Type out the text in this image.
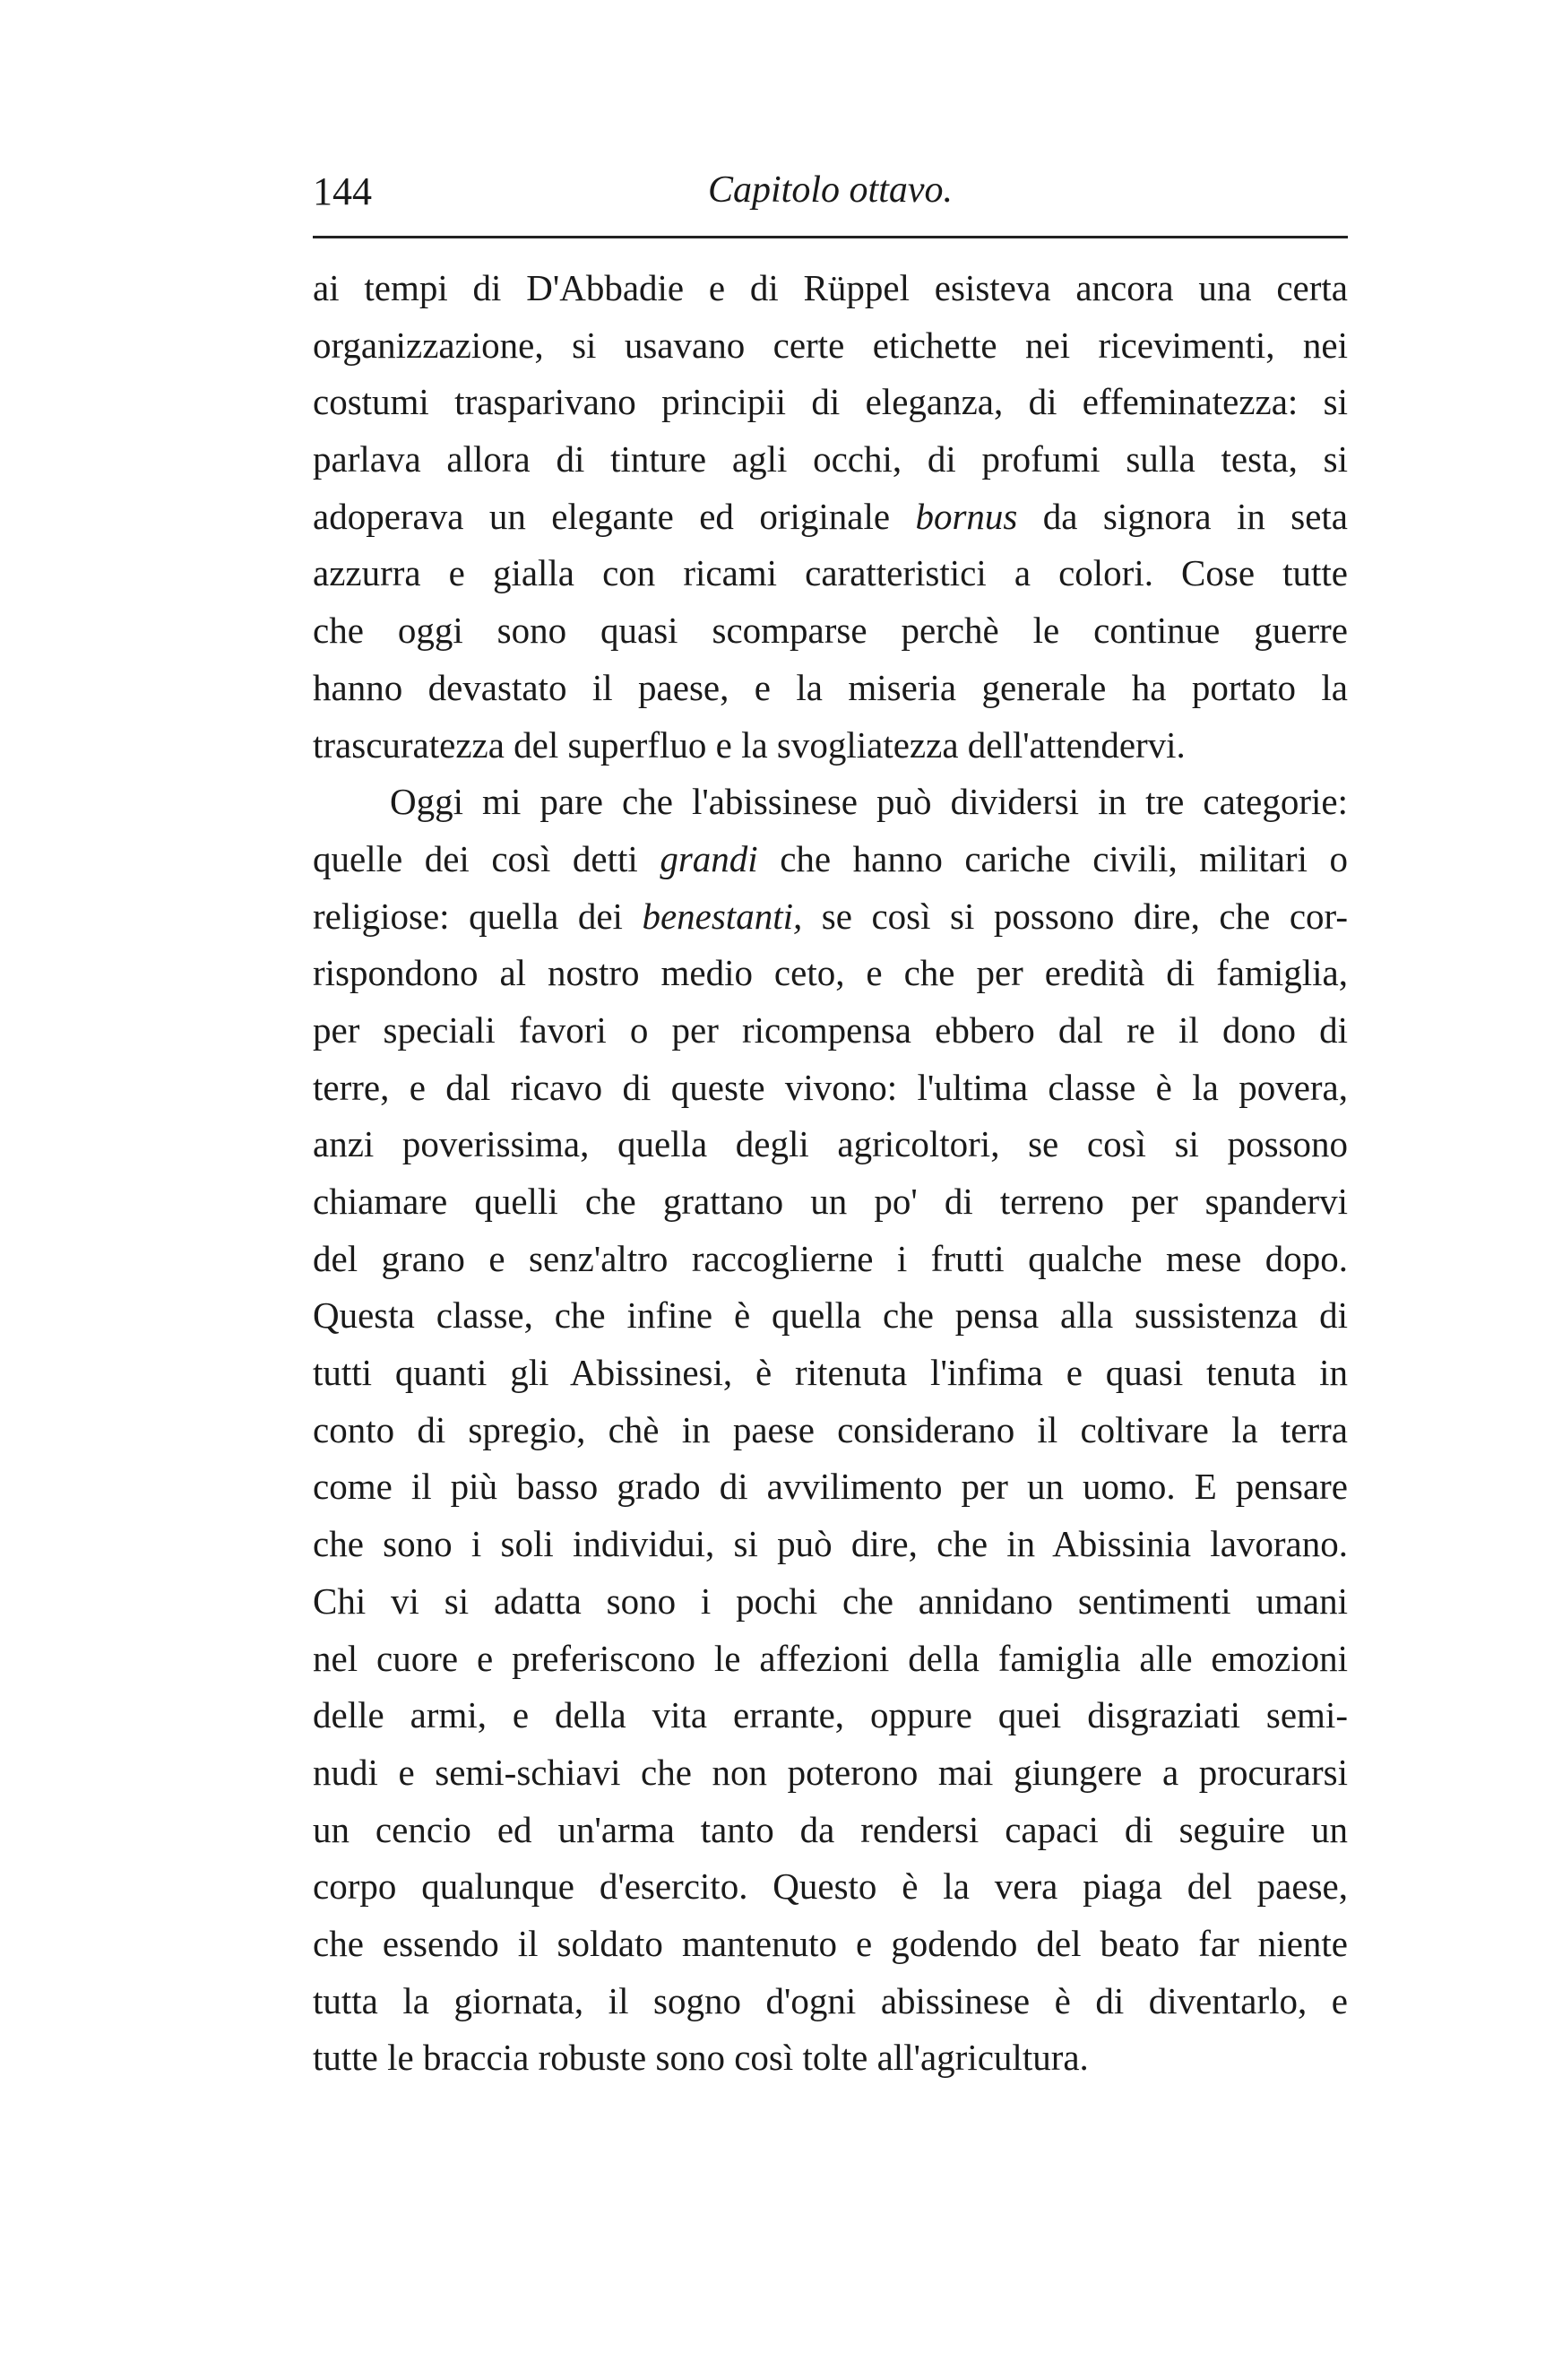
144	Capitolo ottavo.
ai tempi di D'Abbadie e di Rüppel esisteva ancora una certa
organizzazione, si usavano certe etichette nei ricevimenti, nei
costumi trasparivano principii di eleganza, di effeminatezza: si
parlava allora di tinture agli occhi, di profumi sulla testa, si
adoperava un elegante ed originale bornus da signora in seta
azzurra e gialla con ricami caratteristici a colori. Cose tutte
che oggi sono quasi scomparse perchè le continue guerre
hanno devastato il paese, e la miseria generale ha portato la
trascuratezza del superfluo e la svogliatezza dell'attendervi.
Oggi mi pare che l'abissinese può dividersi in tre categorie:
quelle dei così detti grandi che hanno cariche civili, militari o
religiose: quella dei benestanti, se così si possono dire, che cor-
rispondono al nostro medio ceto, e che per eredità di famiglia,
per speciali favori o per ricompensa ebbero dal re il dono di
terre, e dal ricavo di queste vivono: l'ultima classe è la povera,
anzi poverissima, quella degli agricoltori, se così si possono
chiamare quelli che grattano un po' di terreno per spandervi
del grano e senz'altro raccoglierne i frutti qualche mese dopo.
Questa classe, che infine è quella che pensa alla sussistenza di
tutti quanti gli Abissinesi, è ritenuta l'infima e quasi tenuta in
conto di spregio, chè in paese considerano il coltivare la terra
come il più basso grado di avvilimento per un uomo. E pensare
che sono i soli individui, si può dire, che in Abissinia lavorano.
Chi vi si adatta sono i pochi che annidano sentimenti umani
nel cuore e preferiscono le affezioni della famiglia alle emozioni
delle armi, e della vita errante, oppure quei disgraziati semi-
nudi e semi-schiavi che non poterono mai giungere a procurarsi
un cencio ed un'arma tanto da rendersi capaci di seguire un
corpo qualunque d'esercito. Questo è la vera piaga del paese,
che essendo il soldato mantenuto e godendo del beato far niente
tutta la giornata, il sogno d'ogni abissinese è di diventarlo, e
tutte le braccia robuste sono così tolte all'agricultura.
